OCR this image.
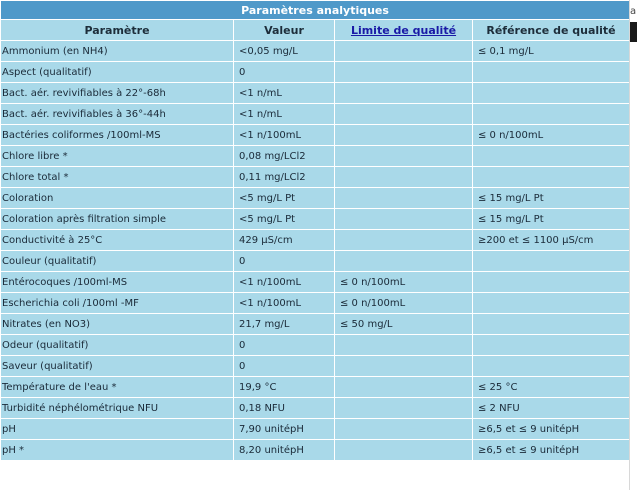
Paramètres analytiques			
Paramètre	Valeur	Limite de qualité	Référence de qualité
Ammonium (en NH4)	<0,05 mg/L		≤ 0,1 mg/L
Aspect (qualitatif)	0		
Bact. aér. revivifiables à 22°-68h	<1 n/mL		
Bact. aér. revivifiables à 36°-44h	<1 n/mL		
Bactéries coliformes /100ml-MS	<1 n/100mL		≤ 0 n/100mL
Chlore libre *	0,08 mg/LCl2		
Chlore total *	0,11 mg/LCl2		
Coloration	<5 mg/L Pt		≤ 15 mg/L Pt
Coloration après filtration simple	<5 mg/L Pt		≤ 15 mg/L Pt
Conductivité à 25°C	429 µS/cm		≥200 et ≤ 1100 µS/cm
Couleur (qualitatif)	0		
Entérocoques /100ml-MS	<1 n/100mL	≤ 0 n/100mL	
Escherichia coli /100ml -MF	<1 n/100mL	≤ 0 n/100mL	
Nitrates (en NO3)	21,7 mg/L	≤ 50 mg/L	
Odeur (qualitatif)	0		
Saveur (qualitatif)	0		
Température de l'eau *	19,9 °C		≤ 25 °C
Turbidité néphélométrique NFU	0,18 NFU		≤ 2 NFU
pH	7,90 unitépH		≥6,5 et ≤ 9 unitépH
pH *	8,20 unitépH		≥6,5 et ≤ 9 unitépH
a
